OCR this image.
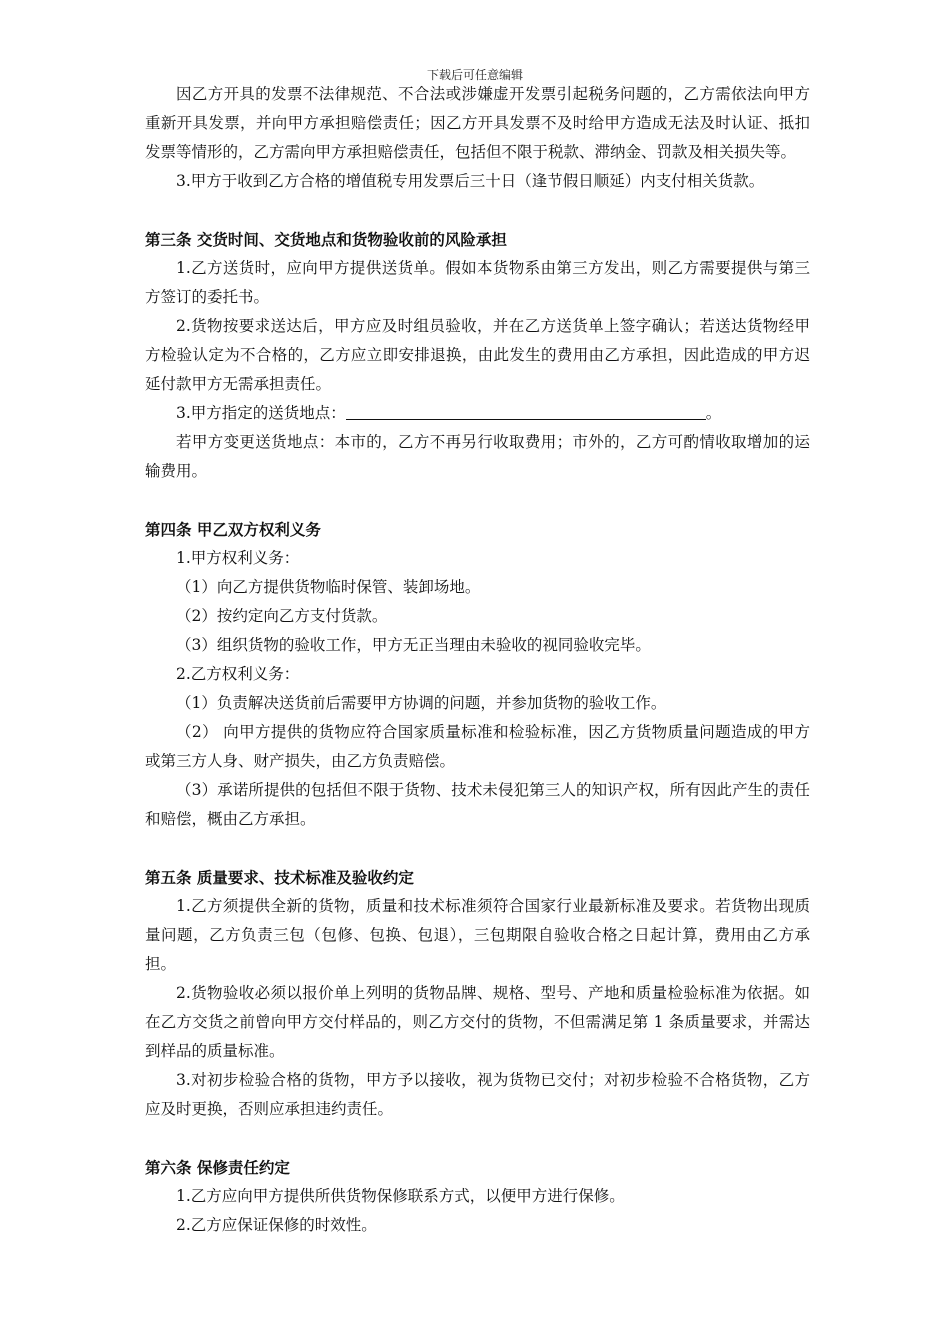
下载后可任意编辑

因乙方开具的发票不法律规范、不合法或涉嫌虚开发票引起税务问题的，乙方需依法向甲方重新开具发票，并向甲方承担赔偿责任；因乙方开具发票不及时给甲方造成无法及时认证、抵扣发票等情形的，乙方需向甲方承担赔偿责任，包括但不限于税款、滞纳金、罚款及相关损失等。

3.甲方于收到乙方合格的增值税专用发票后三十日（逢节假日顺延）内支付相关货款。

第三条 交货时间、交货地点和货物验收前的风险承担

1.乙方送货时，应向甲方提供送货单。假如本货物系由第三方发出，则乙方需要提供与第三方签订的委托书。

2.货物按要求送达后，甲方应及时组员验收，并在乙方送货单上签字确认；若送达货物经甲方检验认定为不合格的，乙方应立即安排退换，由此发生的费用由乙方承担，因此造成的甲方迟延付款甲方无需承担责任。

3.甲方指定的送货地点：	。

若甲方变更送货地点：本市的，乙方不再另行收取费用；市外的，乙方可酌情收取增加的运输费用。

第四条 甲乙双方权利义务

1.甲方权利义务：

（1）向乙方提供货物临时保管、装卸场地。

（2）按约定向乙方支付货款。

（3）组织货物的验收工作，甲方无正当理由未验收的视同验收完毕。

2.乙方权利义务：

（1）负责解决送货前后需要甲方协调的问题，并参加货物的验收工作。

（2） 向甲方提供的货物应符合国家质量标准和检验标准，因乙方货物质量问题造成的甲方或第三方人身、财产损失，由乙方负责赔偿。

（3）承诺所提供的包括但不限于货物、技术未侵犯第三人的知识产权，所有因此产生的责任和赔偿，概由乙方承担。

第五条 质量要求、技术标准及验收约定

1.乙方须提供全新的货物，质量和技术标准须符合国家行业最新标准及要求。若货物出现质量问题，乙方负责三包（包修、包换、包退），三包期限自验收合格之日起计算，费用由乙方承担。

2.货物验收必须以报价单上列明的货物品牌、规格、型号、产地和质量检验标准为依据。如在乙方交货之前曾向甲方交付样品的，则乙方交付的货物，不但需满足第 1 条质量要求，并需达到样品的质量标准。

3.对初步检验合格的货物，甲方予以接收，视为货物已交付；对初步检验不合格货物，乙方应及时更换，否则应承担违约责任。

第六条 保修责任约定

1.乙方应向甲方提供所供货物保修联系方式，以便甲方进行保修。

2.乙方应保证保修的时效性。
